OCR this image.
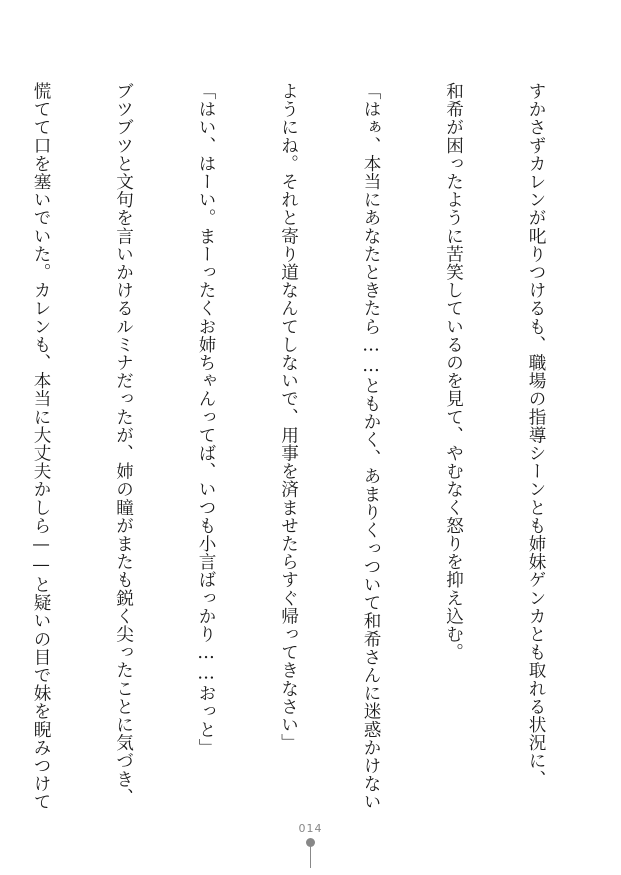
すかさずカレンが叱りつけるも、職場の指導シーンとも姉妹ゲンカとも取れる状況に、

和希が困ったように苦笑しているのを見て、やむなく怒りを抑え込む。

「はぁ、本当にあなたときたら……ともかく、あまりくっついて和希さんに迷惑かけない

ようにね。それと寄り道なんてしないで、用事を済ませたらすぐ帰ってきなさい」

「はい、はーい。まーったくお姉ちゃんってば、いつも小言ばっかり……おっと」

ブツブツと文句を言いかけるルミナだったが、姉の瞳がまたも鋭く尖ったことに気づき、

慌てて口を塞いでいた。カレンも、本当に大丈夫かしら——と疑いの目で妹を睨みつけて

014
